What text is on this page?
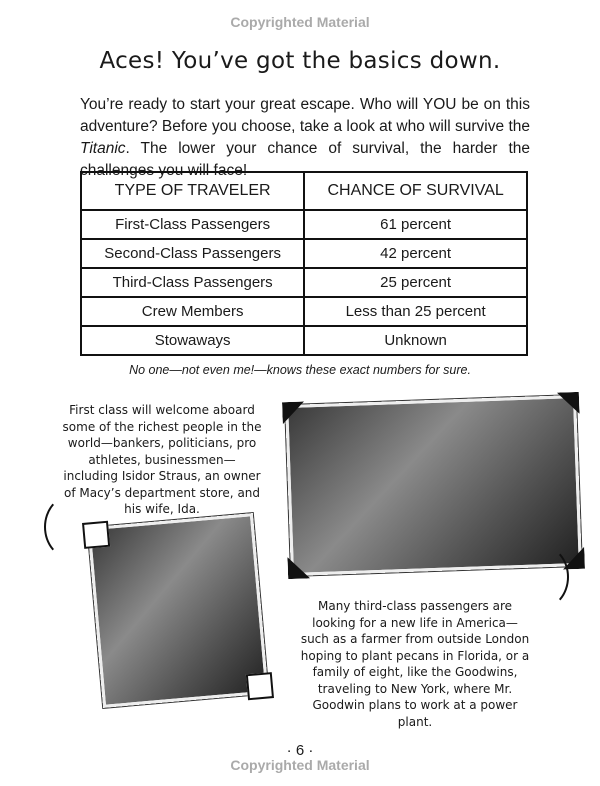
Copyrighted Material
Aces! You’ve got the basics down.

You’re ready to start your great escape. Who will YOU be on this adventure? Before you choose, take a look at who will survive the Titanic. The lower your chance of survival, the harder the challenges you will face!

TYPE OF TRAVELER	CHANCE OF SURVIVAL
First-Class Passengers	61 percent
Second-Class Passengers	42 percent
Third-Class Passengers	25 percent
Crew Members	Less than 25 percent
Stowaways	Unknown
No one—not even me!—knows these exact numbers for sure.
First class will welcome aboard some of the richest people in the world—bankers, politicians, pro athletes, businessmen—including Isidor Straus, an owner of Macy’s department store, and his wife, Ida.
Many third-class passengers are looking for a new life in America—such as a farmer from outside London hoping to plant pecans in Florida, or a family of eight, like the Goodwins, traveling to New York, where Mr. Goodwin plans to work at a power plant.
· 6 ·
Copyrighted Material
